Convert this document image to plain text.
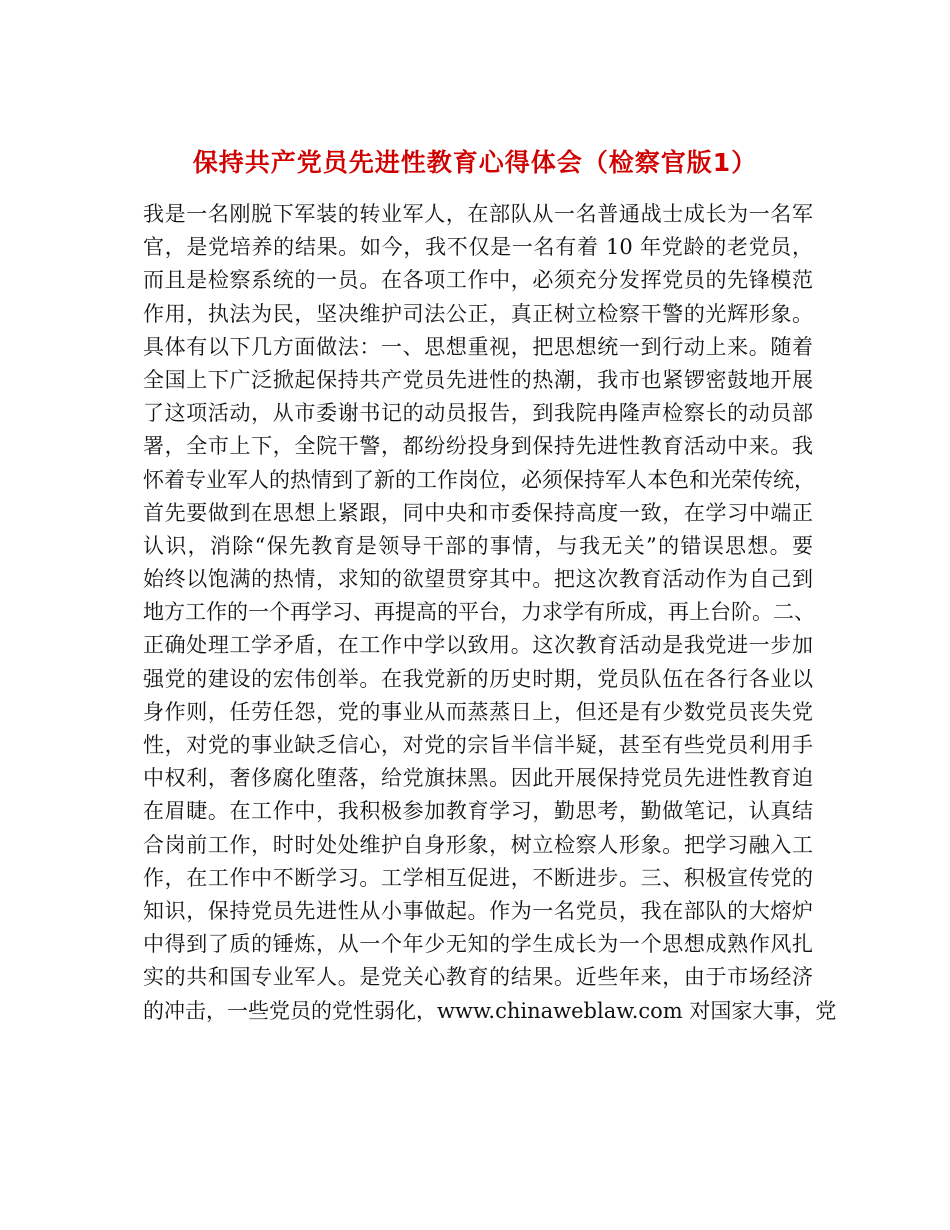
保持共产党员先进性教育心得体会（检察官版1）
我是一名刚脱下军装的转业军人，在部队从一名普通战士成长为一名军
官，是党培养的结果。如今，我不仅是一名有着 10 年党龄的老党员，
而且是检察系统的一员。在各项工作中，必须充分发挥党员的先锋模范
作用，执法为民，坚决维护司法公正，真正树立检察干警的光辉形象。
具体有以下几方面做法：一、思想重视，把思想统一到行动上来。随着
全国上下广泛掀起保持共产党员先进性的热潮，我市也紧锣密鼓地开展
了这项活动，从市委谢书记的动员报告，到我院冉隆声检察长的动员部
署，全市上下，全院干警，都纷纷投身到保持先进性教育活动中来。我
怀着专业军人的热情到了新的工作岗位，必须保持军人本色和光荣传统，
首先要做到在思想上紧跟，同中央和市委保持高度一致，在学习中端正
认识，消除“保先教育是领导干部的事情，与我无关”的错误思想。要
始终以饱满的热情，求知的欲望贯穿其中。把这次教育活动作为自己到
地方工作的一个再学习、再提高的平台，力求学有所成，再上台阶。二、
正确处理工学矛盾，在工作中学以致用。这次教育活动是我党进一步加
强党的建设的宏伟创举。在我党新的历史时期，党员队伍在各行各业以
身作则，任劳任怨，党的事业从而蒸蒸日上，但还是有少数党员丧失党
性，对党的事业缺乏信心，对党的宗旨半信半疑，甚至有些党员利用手
中权利，奢侈腐化堕落，给党旗抹黑。因此开展保持党员先进性教育迫
在眉睫。在工作中，我积极参加教育学习，勤思考，勤做笔记，认真结
合岗前工作，时时处处维护自身形象，树立检察人形象。把学习融入工
作，在工作中不断学习。工学相互促进，不断进步。三、积极宣传党的
知识，保持党员先进性从小事做起。作为一名党员，我在部队的大熔炉
中得到了质的锤炼，从一个年少无知的学生成长为一个思想成熟作风扎
实的共和国专业军人。是党关心教育的结果。近些年来，由于市场经济
的冲击，一些党员的党性弱化，www.chinaweblaw.com 对国家大事，党
